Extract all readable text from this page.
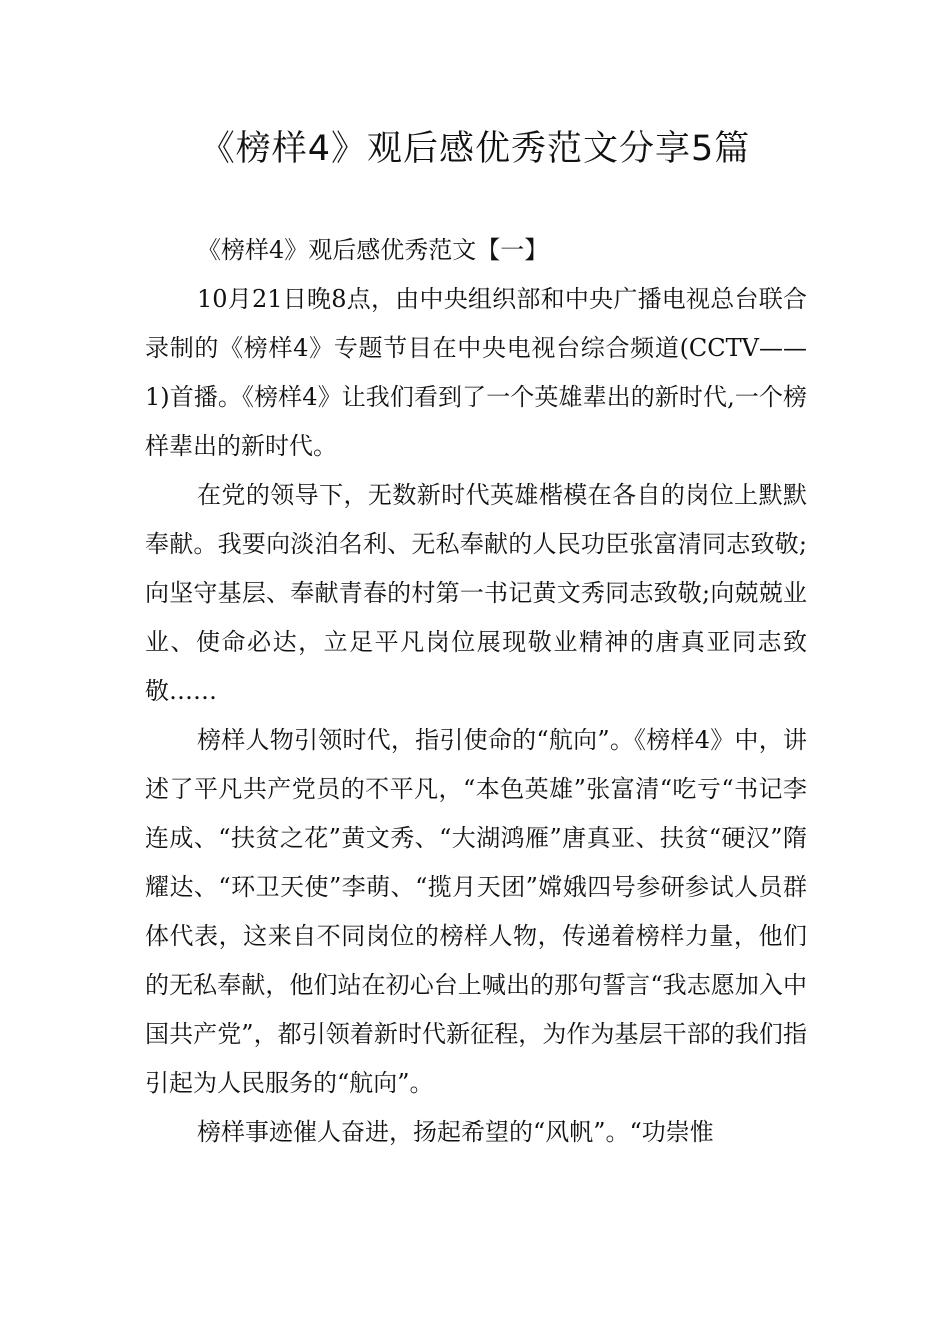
《榜样4》观后感优秀范文分享5篇

《榜样4》观后感优秀范文【一】

10月21日晚8点，由中央组织部和中央广播电视总台联合录制的《榜样4》专题节目在中央电视台综合频道(CCTV——1)首播。《榜样4》让我们看到了一个英雄辈出的新时代,一个榜样辈出的新时代。

在党的领导下，无数新时代英雄楷模在各自的岗位上默默奉献。我要向淡泊名利、无私奉献的人民功臣张富清同志致敬;向坚守基层、奉献青春的村第一书记黄文秀同志致敬;向兢兢业业、使命必达，立足平凡岗位展现敬业精神的唐真亚同志致敬……

榜样人物引领时代，指引使命的“航向”。《榜样4》中，讲述了平凡共产党员的不平凡，“本色英雄”张富清“吃亏“书记李连成、“扶贫之花”黄文秀、“大湖鸿雁”唐真亚、扶贫“硬汉”隋耀达、“环卫天使”李萌、“揽月天团”嫦娥四号参研参试人员群体代表，这来自不同岗位的榜样人物，传递着榜样力量，他们的无私奉献，他们站在初心台上喊出的那句誓言“我志愿加入中国共产党”，都引领着新时代新征程，为作为基层干部的我们指引起为人民服务的“航向”。

榜样事迹催人奋进，扬起希望的“风帆”。“功崇惟
